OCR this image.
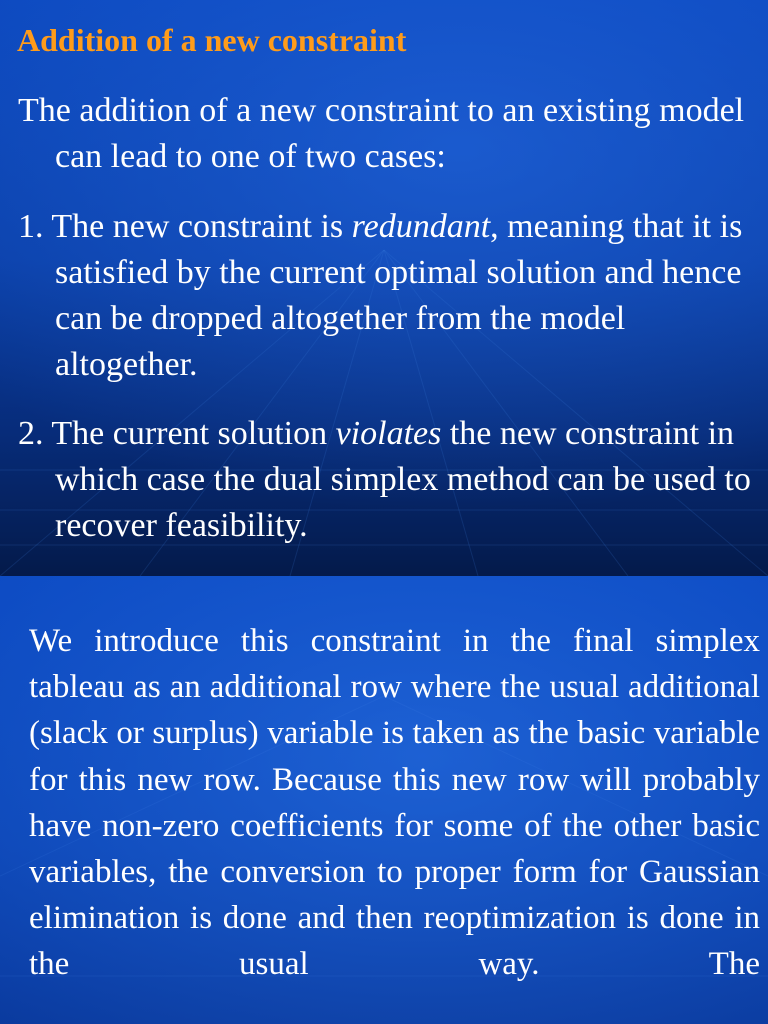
Addition of a new constraint

The addition of a new constraint to an existing model can lead to one of two cases:

1. The new constraint is redundant, meaning that it is satisfied by the current optimal solution and hence can be dropped altogether from the model altogether.

2. The current solution violates the new constraint in which case the dual simplex method can be used to recover feasibility.

We introduce this constraint in the final simplex tableau as an additional row where the usual additional (slack or surplus) variable is taken as the basic variable for this new row. Because this new row will probably have non-zero coefficients for some of the other basic variables, the conversion to proper form for Gaussian elimination is done and then reoptimization is done in the usual way. The
